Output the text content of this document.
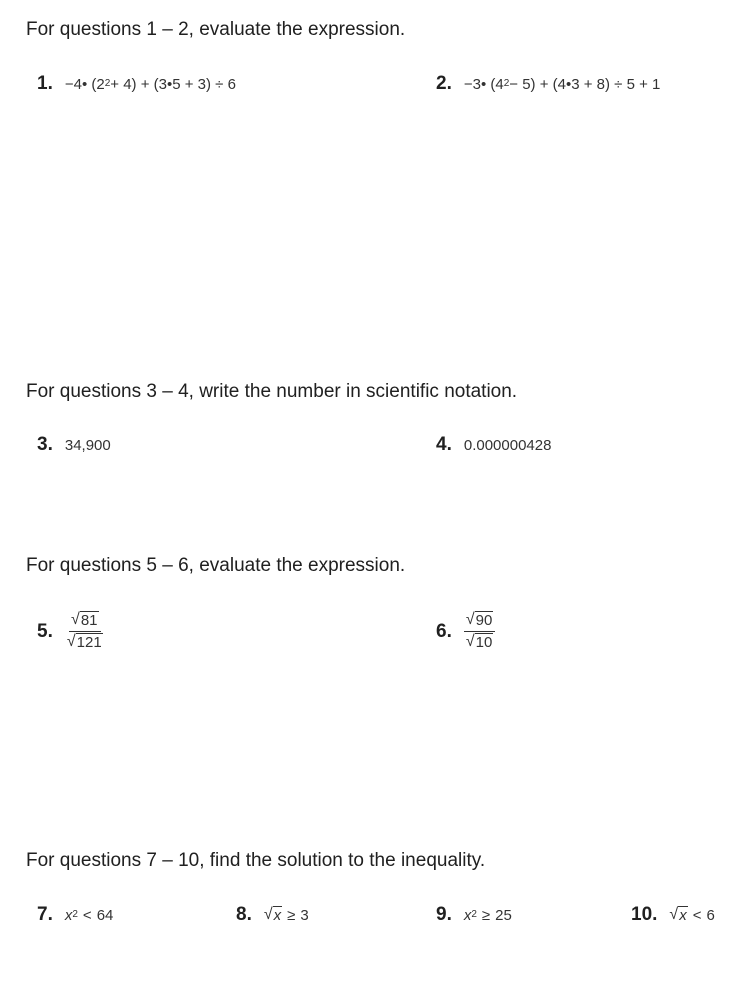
For questions 1 – 2, evaluate the expression.
1. −4• (2 2 + 4) + (3•5 + 3) ÷ 6	2. −3• (4 2 − 5) + (4•3 + 8) ÷ 5 + 1
For questions 3 – 4, write the number in scientific notation.
3. 34,900	4. 0.000000428
For questions 5 – 6, evaluate the expression.
5. $\frac{√ 81}{√ 121}$	6. $\frac{√ 90}{√ 10}$
For questions 7 – 10, find the solution to the inequality.
7. x 2 < 64	8. √ x ≥ 3	9. x 2 ≥ 25	10. √ x < 6
